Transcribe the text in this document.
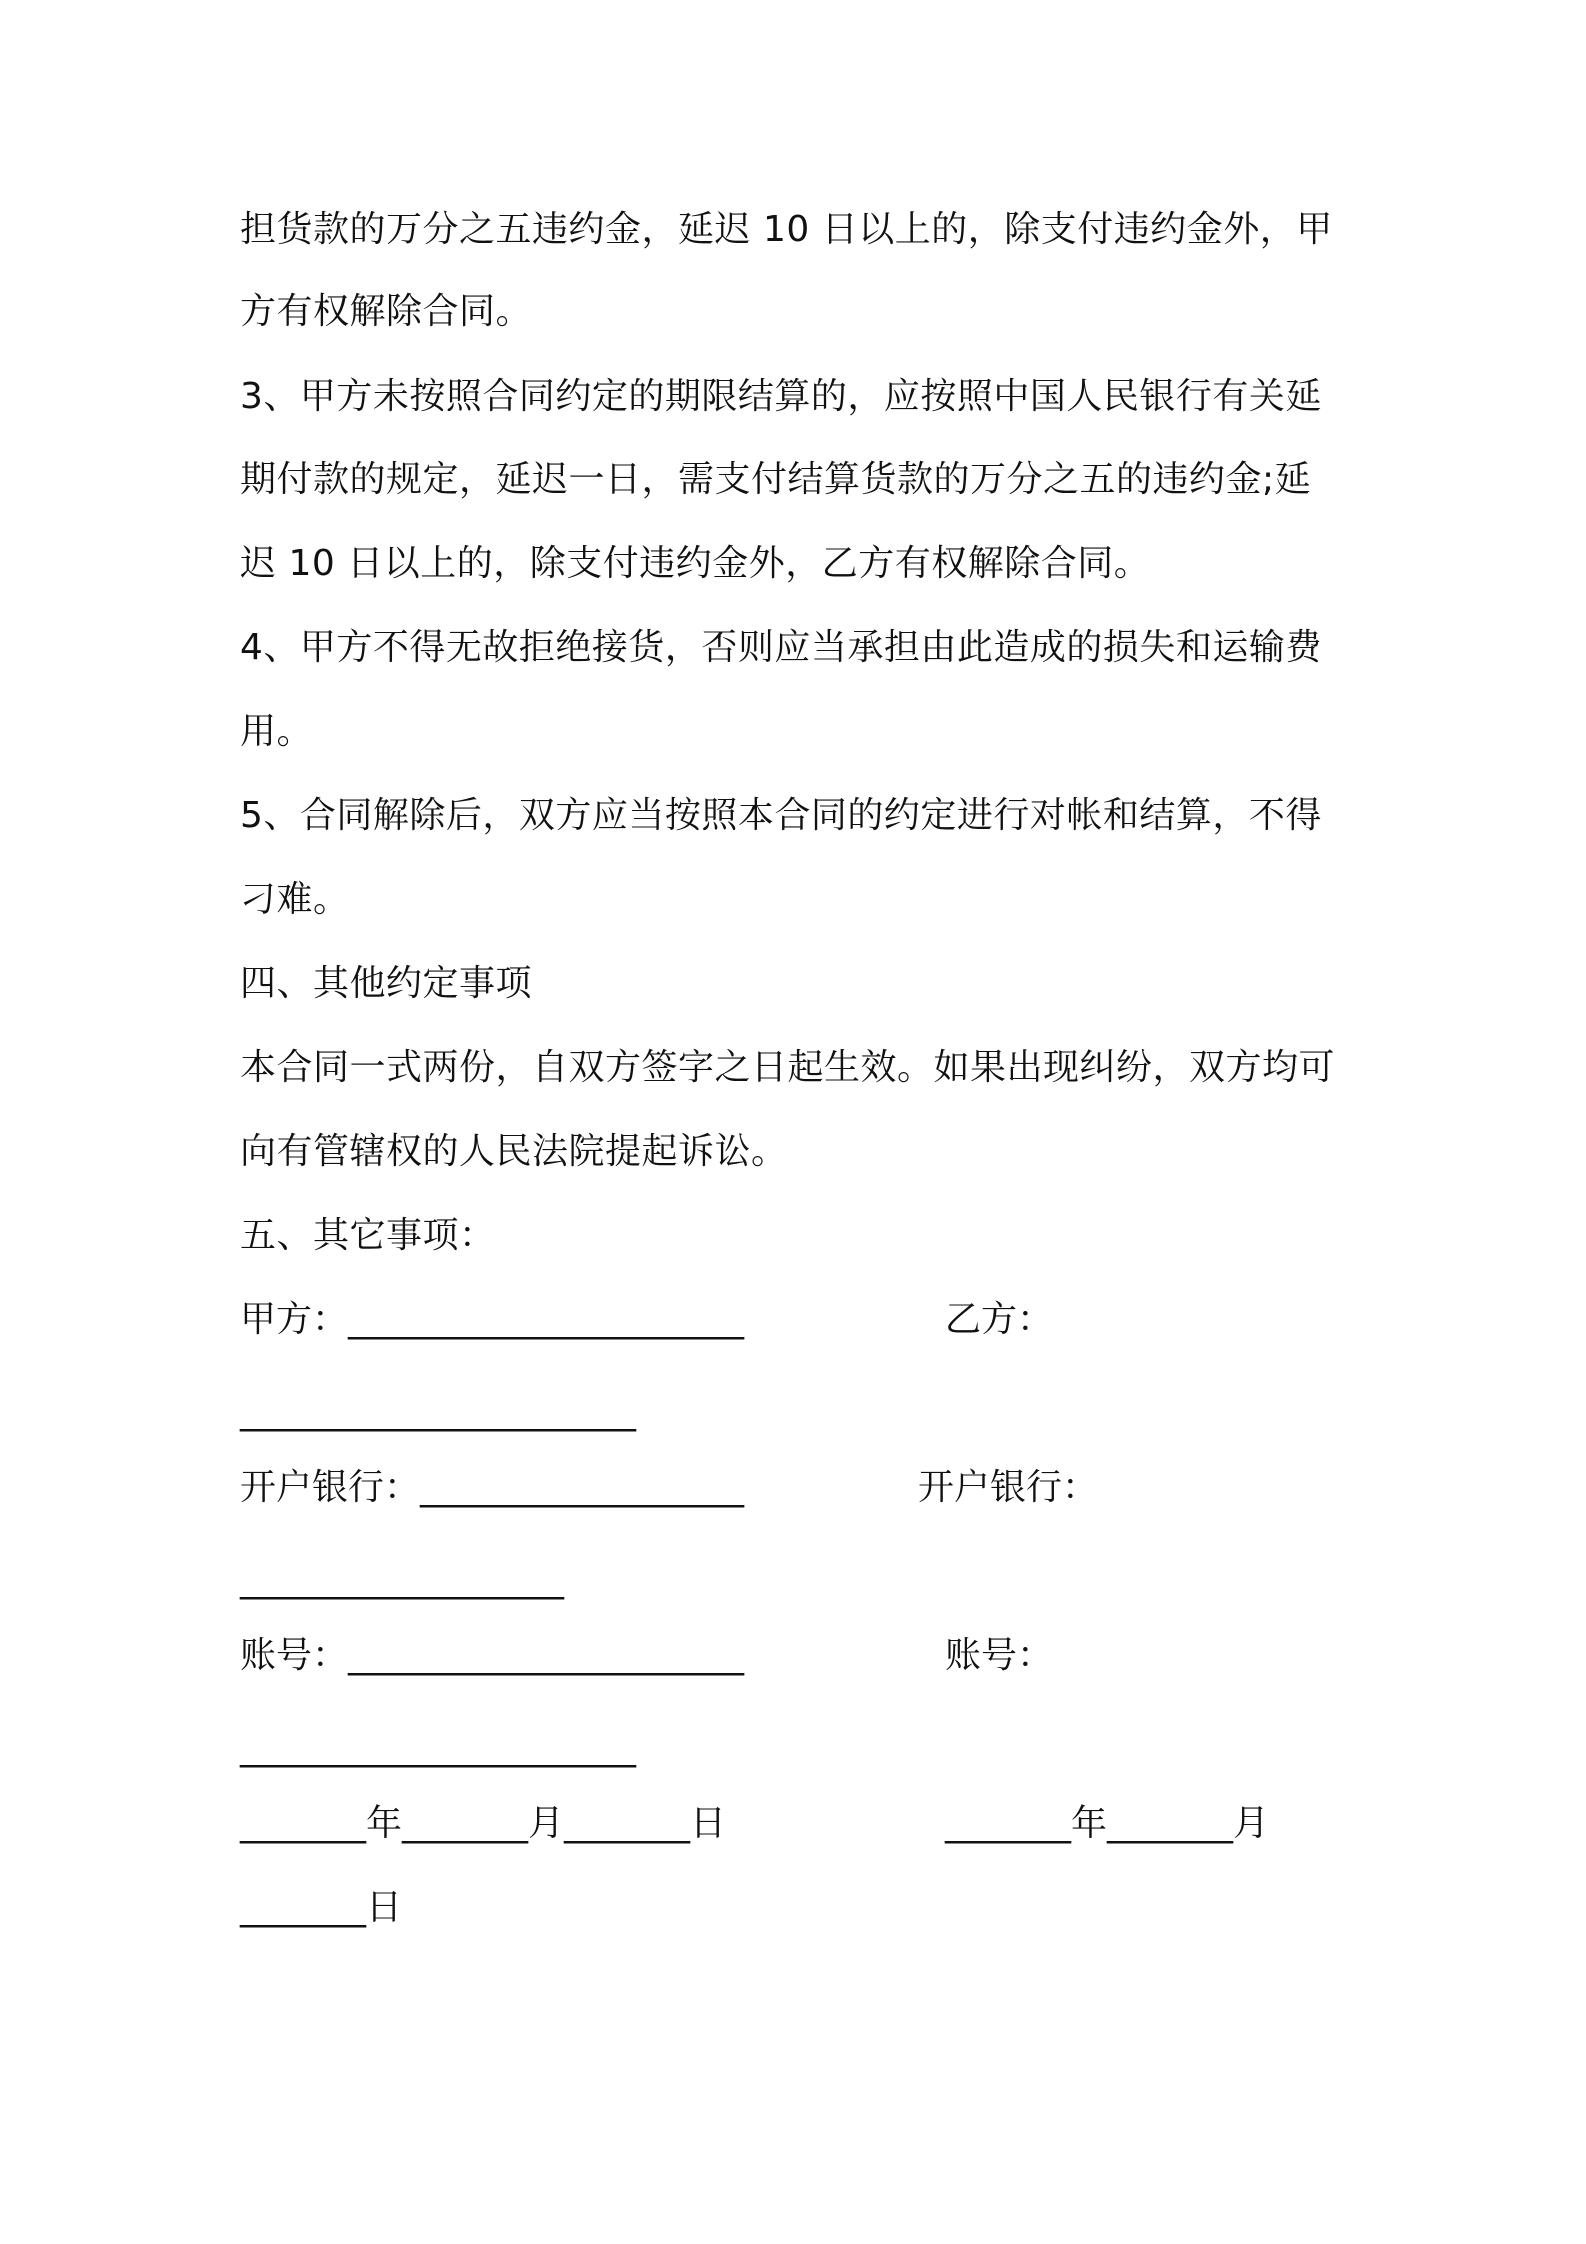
担货款的万分之五违约金，延迟 10 日以上的，除支付违约金外，甲
方有权解除合同。
3、甲方未按照合同约定的期限结算的，应按照中国人民银行有关延
期付款的规定，延迟一日，需支付结算货款的万分之五的违约金;延
迟 10 日以上的，除支付违约金外，乙方有权解除合同。
4、甲方不得无故拒绝接货，否则应当承担由此造成的损失和运输费
用。
5、合同解除后，双方应当按照本合同的约定进行对帐和结算，不得
刁难。
四、其他约定事项
本合同一式两份，自双方签字之日起生效。如果出现纠纷，双方均可
向有管辖权的人民法院提起诉讼。
五、其它事项：
甲方：______________________	乙方：
______________________
开户银行：__________________	开户银行：
__________________
账号：______________________	账号：
______________________
_______年_______月_______日	_______年_______月
_______日
